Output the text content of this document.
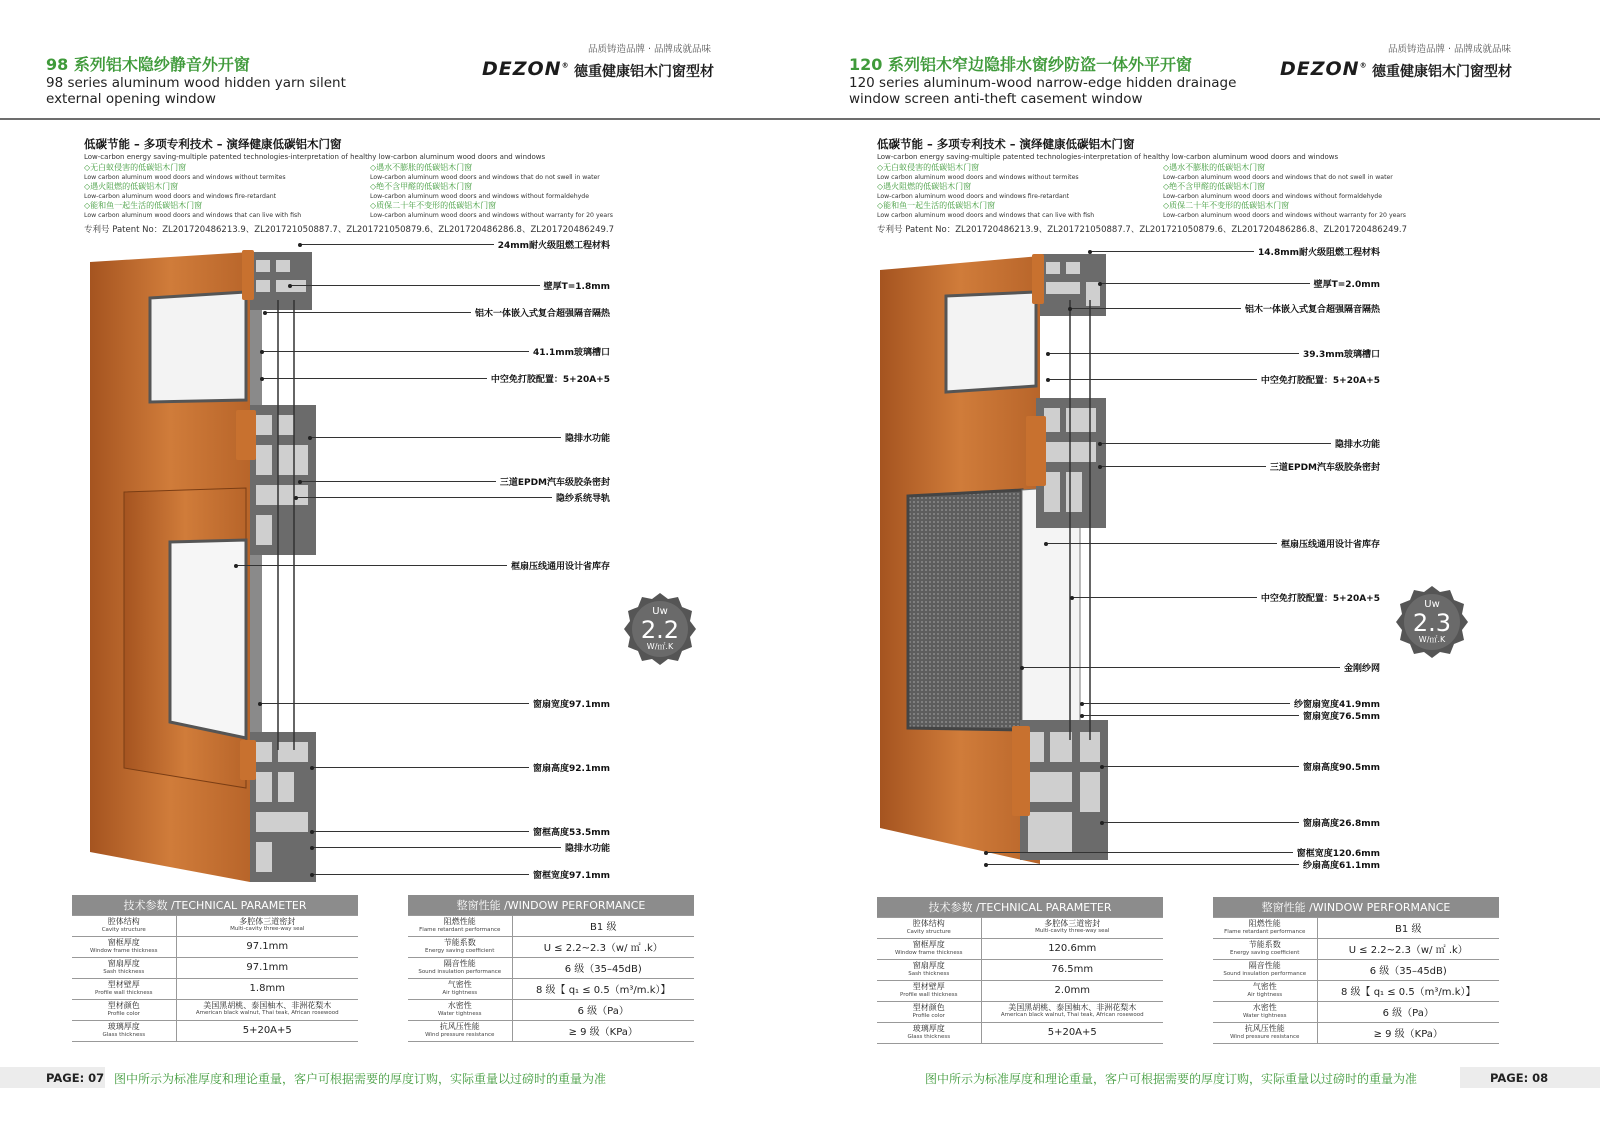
98 系列铝木隐纱静音外开窗
98 series aluminum wood hidden yarn silent external opening window
品质铸造品牌 · 品牌成就品味
DEZON® 德重健康铝木门窗型材
低碳节能 – 多项专利技术 – 演绎健康低碳铝木门窗
Low-carbon energy saving-multiple patented technologies-interpretation of healthy low-carbon aluminum wood doors and windows
◇无白蚁侵害的低碳铝木门窗
Low carbon aluminum wood doors and windows without termites
◇遇水不膨胀的低碳铝木门窗
Low-carbon aluminum wood doors and windows that do not swell in water
◇遇火阻燃的低碳铝木门窗
Low-carbon aluminum wood doors and windows fire-retardant
◇绝不含甲醛的低碳铝木门窗
Low-carbon aluminum wood doors and windows without formaldehyde
◇能和鱼一起生活的低碳铝木门窗
Low carbon aluminum wood doors and windows that can live with fish
◇质保二十年不变形的低碳铝木门窗
Low-carbon aluminum wood doors and windows without warranty for 20 years
专利号 Patent No：ZL201720486213.9、ZL201721050887.7、ZL201721050879.6、ZL201720486286.8、ZL201720486249.7
Uw
2.2
W/㎡.K
24mm耐火级阻燃工程材料
壁厚T=1.8mm
铝木一体嵌入式复合超强隔音隔热
41.1mm玻璃槽口
中空免打胶配置：5+20A+5
隐排水功能
三道EPDM汽车级胶条密封
隐纱系统导轨
框扇压线通用设计省库存
窗扇宽度97.1mm
窗扇高度92.1mm
窗框高度53.5mm
隐排水功能
窗框宽度97.1mm
技术参数 /TECHNICAL PARAMETER	

腔体结构
Cavity structure	多腔体三道密封
Multi-cavity three-way seal

窗框厚度
Window frame thickness	97.1mm

窗扇厚度
Sash thickness	97.1mm

型材壁厚
Profile wall thickness	1.8mm

型材颜色
Profile color	美国黑胡桃、泰国柚木、非洲花梨木
American black walnut, Thai teak, African rosewood

玻璃厚度
Glass thickness	5+20A+5
整窗性能 /WINDOW PERFORMANCE	

阻燃性能
Flame retardant performance	B1 级

节能系数
Energy saving coefficient	U ≤ 2.2~2.3（w/ ㎡ .k）

隔音性能
Sound insulation performance	6 级（35–45dB)

气密性
Air tightness	8 级【 q₁ ≤ 0.5（m³/m.k）】

水密性
Water tightness	6 级（Pa）

抗风压性能
Wind pressure resistance	≥ 9 级（KPa）
PAGE: 07 图中所示为标准厚度和理论重量，客户可根据需要的厚度订购，实际重量以过磅时的重量为准
120 系列铝木窄边隐排水窗纱防盗一体外平开窗
120 series aluminum-wood narrow-edge hidden drainage window screen anti-theft casement window
品质铸造品牌 · 品牌成就品味
DEZON® 德重健康铝木门窗型材
低碳节能 – 多项专利技术 – 演绎健康低碳铝木门窗
Low-carbon energy saving-multiple patented technologies-interpretation of healthy low-carbon aluminum wood doors and windows
◇无白蚁侵害的低碳铝木门窗
Low carbon aluminum wood doors and windows without termites
◇遇水不膨胀的低碳铝木门窗
Low-carbon aluminum wood doors and windows that do not swell in water
◇遇火阻燃的低碳铝木门窗
Low-carbon aluminum wood doors and windows fire-retardant
◇绝不含甲醛的低碳铝木门窗
Low-carbon aluminum wood doors and windows without formaldehyde
◇能和鱼一起生活的低碳铝木门窗
Low carbon aluminum wood doors and windows that can live with fish
◇质保二十年不变形的低碳铝木门窗
Low-carbon aluminum wood doors and windows without warranty for 20 years
专利号 Patent No：ZL201720486213.9、ZL201721050887.7、ZL201721050879.6、ZL201720486286.8、ZL201720486249.7
Uw
2.3
W/㎡.K
14.8mm耐火级阻燃工程材料
壁厚T=2.0mm
铝木一体嵌入式复合超强隔音隔热
39.3mm玻璃槽口
中空免打胶配置：5+20A+5
隐排水功能
三道EPDM汽车级胶条密封
框扇压线通用设计省库存
中空免打胶配置：5+20A+5
金刚纱网
纱窗扇宽度41.9mm
窗扇宽度76.5mm
窗扇高度90.5mm
窗扇高度26.8mm
窗框宽度120.6mm
纱扇高度61.1mm
技术参数 /TECHNICAL PARAMETER	

腔体结构
Cavity structure	多腔体三道密封
Multi-cavity three-way seal

窗框厚度
Window frame thickness	120.6mm

窗扇厚度
Sash thickness	76.5mm

型材壁厚
Profile wall thickness	2.0mm

型材颜色
Profile color	美国黑胡桃、泰国柚木、非洲花梨木
American black walnut, Thai teak, African rosewood

玻璃厚度
Glass thickness	5+20A+5
整窗性能 /WINDOW PERFORMANCE	

阻燃性能
Flame retardant performance	B1 级

节能系数
Energy saving coefficient	U ≤ 2.2~2.3（w/ ㎡ .k）

隔音性能
Sound insulation performance	6 级（35–45dB)

气密性
Air tightness	8 级【 q₁ ≤ 0.5（m³/m.k）】

水密性
Water tightness	6 级（Pa）

抗风压性能
Wind pressure resistance	≥ 9 级（KPa）
图中所示为标准厚度和理论重量，客户可根据需要的厚度订购，实际重量以过磅时的重量为准	PAGE: 08
